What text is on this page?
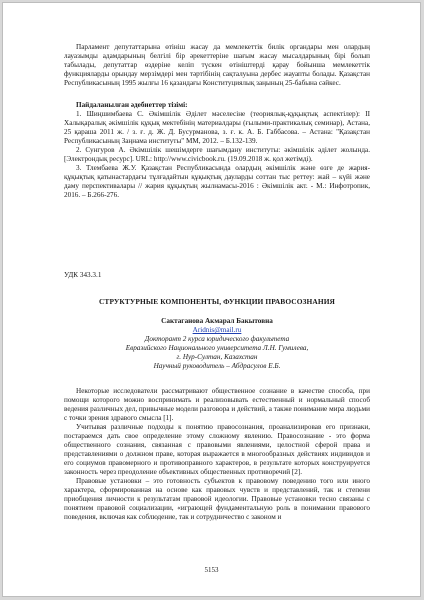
Парламент депутаттарына өтініш жасау да мемлекеттік билік органдары мен олардың лауазымды адамдарының белгілі бір әрекеттеріне шағым жасау мысалдарының бірі болып табылады, депутаттар өздеріне келіп түскен өтініштерді қарау бойынша мемлекеттік функцияларды орындау мерзімдері мен тәртібінің сақталуына дербес жауапты болады. Қазақстан Республикасының 1995 жылғы 16 қазандағы Конституциялық заңының 25-бабына сәйкес.

Пайдаланылған әдебиеттер тізімі:

1. Шиңшимбаева С. Әкімшілік Әділет мәселесіне (теориялық-құқықтық аспектілер): II Халықаралық әкімшілік құқық мектебінің материалдары (ғылыми-практикалық семинар), Астана, 25 қараша 2011 ж. / з. ғ. д. Ж. Д. Бусурманова, з. ғ. к. А. Б. Габбасова. – Астана: "Қазақстан Республикасының Заңнама институты" ММ, 2012. – Б.132-139.

2. Сунгуров А. Әкімшілік шешімдерге шағымдану институты: әкімшілік әділет жолында. [Электрондық ресурс]. URL: http://www.civicbook.ru. (19.09.2018 ж. қол жетімді).

3. Тлембаева Ж.У. Қазақстан Республикасында олардың әкімшілік және өзге де жария-құқықтық қатынастардағы тұлғадайтын құқықтық дауларды соттан тыс реттеу: жай – күйі және даму перспективалары // жария құқықтың жылнамасы-2016 : Әкімшілік акт. - М.: Инфотропик, 2016. – Б.266-276.

УДК 343.3.1
СТРУКТУРНЫЕ КОМПОНЕНТЫ, ФУНКЦИИ ПРАВОСОЗНАНИЯ
Сактаганова Акмарал Бакытовна
Aridnis@mail.ru
Докторант 2 курса юридического факультета
Евразийского Национального университета Л.Н. Гумилева,
г. Нур-Султан, Казахстан
Научный руководитель – Абдрасулов Е.Б.

Некоторые исследователи рассматривают общественное сознание в качестве способа, при помощи которого можно воспринимать и реализовывать естественный и нормальный способ ведения различных дел, привычные модели разговора и действий, а также понимание мира людьми с точки зрения здравого смысла [1].

Учитывая различные подходы к понятию правосознания, проанализировав его признаки, постараемся дать свое определение этому сложному явлению. Правосознание - это форма общественного сознания, связанная с правовыми явлениями, целостной сферой права и представлениями о должном праве, которая выражается в многообразных действиях индивидов и его социумов правомерного и противоправного характеров, в результате которых конструируется законность через преодоление объективных общественных противоречий [2].

Правовые установки – это готовность субъектов к правовому поведению того или иного характера, сформированная на основе как правовых чувств и представлений, так и степени приобщения личности к результатам правовой идеологии. Правовые установки тесно связаны с понятием правовой социализации, «играющей фундаментальную роль в понимании правового поведения, включая как соблюдение, так и сотрудничество с законом и

5153
